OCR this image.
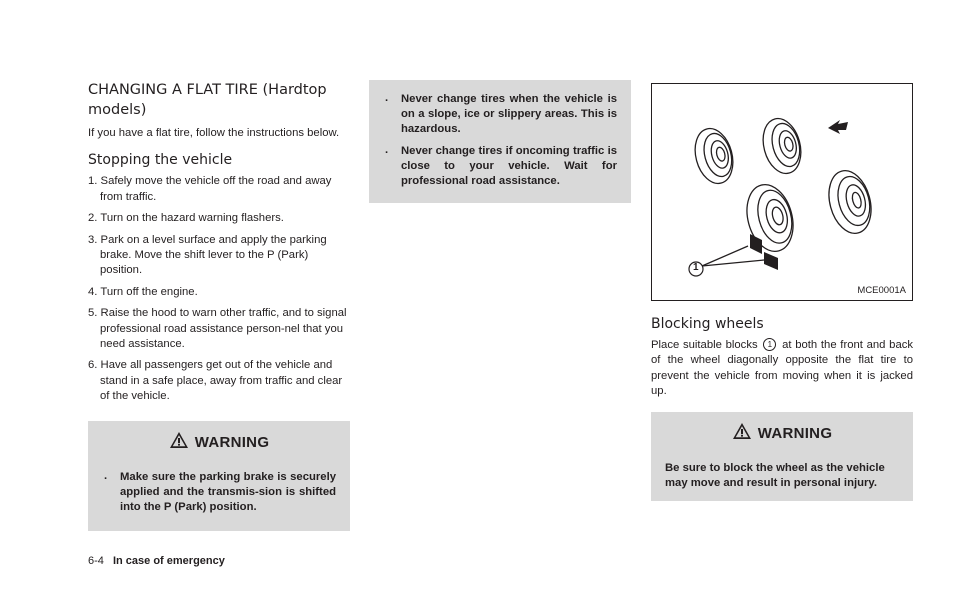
CHANGING A FLAT TIRE (Hardtop models)

If you have a flat tire, follow the instructions below.

Stopping the vehicle
1. Safely move the vehicle off the road and away from traffic.
2. Turn on the hazard warning flashers.
3. Park on a level surface and apply the parking brake. Move the shift lever to the P (Park) position.
4. Turn off the engine.
5. Raise the hood to warn other traffic, and to signal professional road assistance person-nel that you need assistance.
6. Have all passengers get out of the vehicle and stand in a safe place, away from traffic and clear of the vehicle.
WARNING
. Make sure the parking brake is securely applied and the transmis-sion is shifted into the P (Park) position.
. Never change tires when the vehicle is on a slope, ice or slippery areas. This is hazardous.
. Never change tires if oncoming traffic is close to your vehicle. Wait for professional road assistance.
1
MCE0001A
Blocking wheels

Place suitable blocks 1 at both the front and back of the wheel diagonally opposite the flat tire to prevent the vehicle from moving when it is jacked up.

WARNING

Be sure to block the wheel as the vehicle may move and result in personal injury.

6-4 In case of emergency
